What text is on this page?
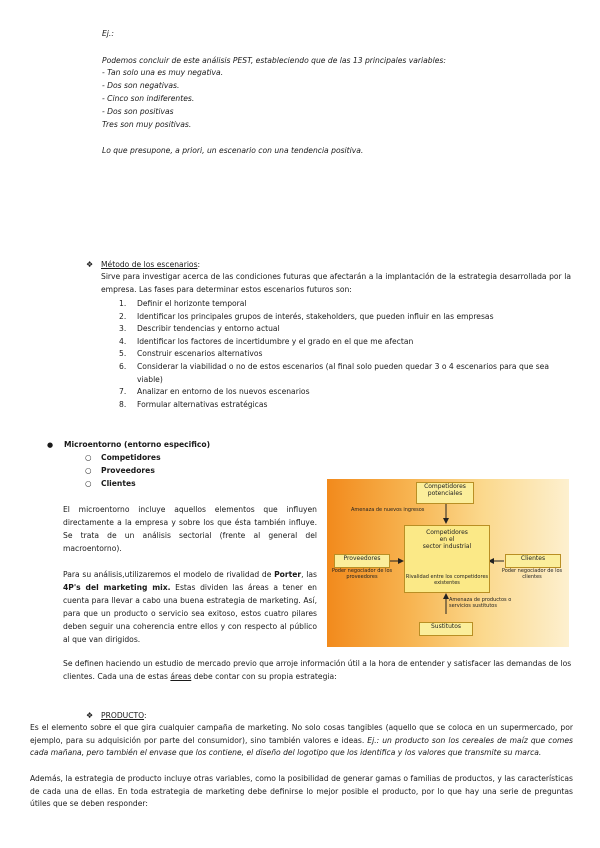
Ej.:
Podemos concluir de este análisis PEST, estableciendo que de las 13 principales variables:
- Tan solo una es muy negativa.
- Dos son negativas.
- Cinco son indiferentes.
- Dos son positivas
Tres son muy positivas.
Lo que presupone, a priori, un escenario con una tendencia positiva.
❖ Método de los escenarios:
Sirve para investigar acerca de las condiciones futuras que afectarán a la implantación de la estrategia desarrollada por la empresa. Las fases para determinar estos escenarios futuros son:
1. Definir el horizonte temporal
2. Identificar los principales grupos de interés, stakeholders, que pueden influir en las empresas
3. Describir tendencias y entorno actual
4. Identificar los factores de incertidumbre y el grado en el que me afectan
5. Construir escenarios alternativos
6. Considerar la viabilidad o no de estos escenarios (al final solo pueden quedar 3 o 4 escenarios para que sea viable)
7. Analizar en entorno de los nuevos escenarios
8. Formular alternativas estratégicas
● Microentorno (entorno especifico)
○ Competidores
○ Proveedores
○ Clientes
El microentorno incluye aquellos elementos que influyen directamente a la empresa y sobre los que ésta también influye. Se trata de un análisis sectorial (frente al general del macroentorno).
Para su análisis,utilizaremos el modelo de rivalidad de Porter, las 4P's del marketing mix. Estas dividen las áreas a tener en cuenta para llevar a cabo una buena estrategia de marketing. Así, para que un producto o servicio sea exitoso, estos cuatro pilares deben seguir una coherencia entre ellos y con respecto al público al que van dirigidos.
Se definen haciendo un estudio de mercado previo que arroje información útil a la hora de entender y satisfacer las demandas de los clientes. Cada una de estas áreas debe contar con su propia estrategia:
Competidores potenciales
Amenaza de nuevos ingresos
Competidores
en el
sector industrial
Rivalidad entre los competidores existentes
Proveedores
Poder negociador de los proveedores
Clientes
Poder negociador de los clientes
Amenaza de productos o servicios sustitutos
Sustitutos
❖ PRODUCTO:
Es el elemento sobre el que gira cualquier campaña de marketing. No solo cosas tangibles (aquello que se coloca en un supermercado, por ejemplo, para su adquisición por parte del consumidor), sino también valores e ideas. Ej.: un producto son los cereales de maíz que comes cada mañana, pero también el envase que los contiene, el diseño del logotipo que los identifica y los valores que transmite su marca.
Además, la estrategia de producto incluye otras variables, como la posibilidad de generar gamas o familias de productos, y las características de cada una de ellas. En toda estrategia de marketing debe definirse lo mejor posible el producto, por lo que hay una serie de preguntas útiles que se deben responder:
